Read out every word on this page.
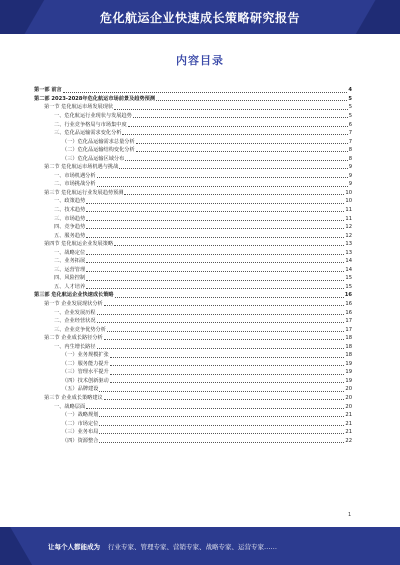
危化航运企业快速成长策略研究报告
内容目录
第一部 前言	4
第二部 2023-2028年危化航运市场前景及趋势预测	5
第一节 危化航运市场发展现状	5
一、危化航运行业现状与发展趋势	5
二、行业竞争格局与市场集中度	6
三、危化品运输需求变化分析	7
（一）危化品运输需求总量分析	7
（二）危化品运输结构变化分析	8
（三）危化品运输区域分布	8
第二节 危化航运市场机遇与挑战	9
一、市场机遇分析	9
二、市场挑战分析	9
第三节 危化航运行业发展趋势预测	10
一、政策趋势	10
二、技术趋势	11
三、市场趋势	11
四、竞争趋势	12
五、服务趋势	12
第四节 危化航运企业发展策略	13
一、战略定位	13
二、业务拓展	14
三、运营管理	14
四、风险控制	15
五、人才培养	15
第三部 危化航运企业快速成长策略	16
第一节 企业发展现状分析	16
一、企业发展历程	16
二、企业经营状况	17
三、企业竞争优势分析	17
第二节 企业成长路径分析	18
一、内生增长路径	18
（一）业务规模扩张	18
（二）服务能力提升	19
（三）管理水平提升	19
（四）技术创新驱动	19
（五）品牌建设	20
第三节 企业成长策略建议	20
一、战略层面	20
（一）战略规划	21
（二）市场定位	21
（三）业务布局	21
（四）资源整合	22
1
让每个人都能成为 行业专家、管理专家、营销专家、战略专家、运营专家……
